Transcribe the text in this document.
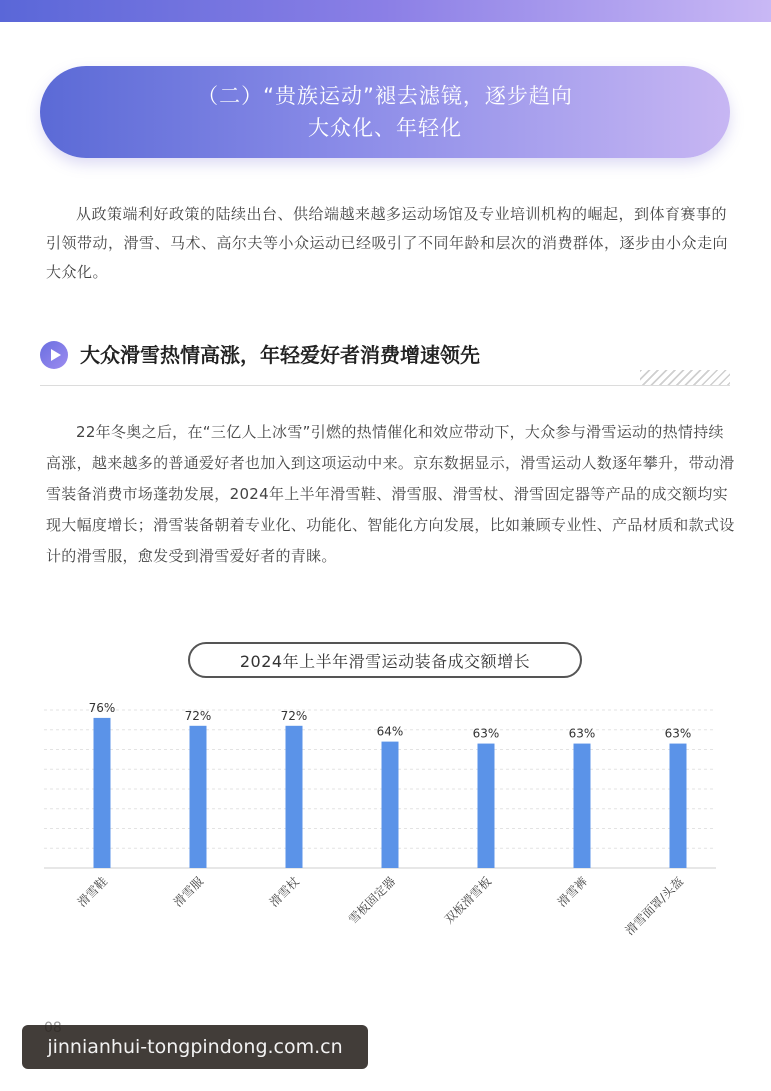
（二）“贵族运动”褪去滤镜，逐步趋向
大众化、年轻化

从政策端利好政策的陆续出台、供给端越来越多运动场馆及专业培训机构的崛起，到体育赛事的引领带动，滑雪、马术、高尔夫等小众运动已经吸引了不同年龄和层次的消费群体，逐步由小众走向大众化。

大众滑雪热情高涨，年轻爱好者消费增速领先

22年冬奥之后，在“三亿人上冰雪”引燃的热情催化和效应带动下，大众参与滑雪运动的热情持续高涨，越来越多的普通爱好者也加入到这项运动中来。京东数据显示，滑雪运动人数逐年攀升，带动滑雪装备消费市场蓬勃发展，2024年上半年滑雪鞋、滑雪服、滑雪杖、滑雪固定器等产品的成交额均实现大幅度增长；滑雪装备朝着专业化、功能化、智能化方向发展，比如兼顾专业性、产品材质和款式设计的滑雪服，愈发受到滑雪爱好者的青睐。

2024年上半年滑雪运动装备成交额增长
76%
滑雪鞋
72%
滑雪服
72%
滑雪杖
64%
雪板固定器
63%
双板滑雪板
63%
滑雪裤
63%
滑雪面罩/头盔
jinnianhui-tongpindong.com.cn
